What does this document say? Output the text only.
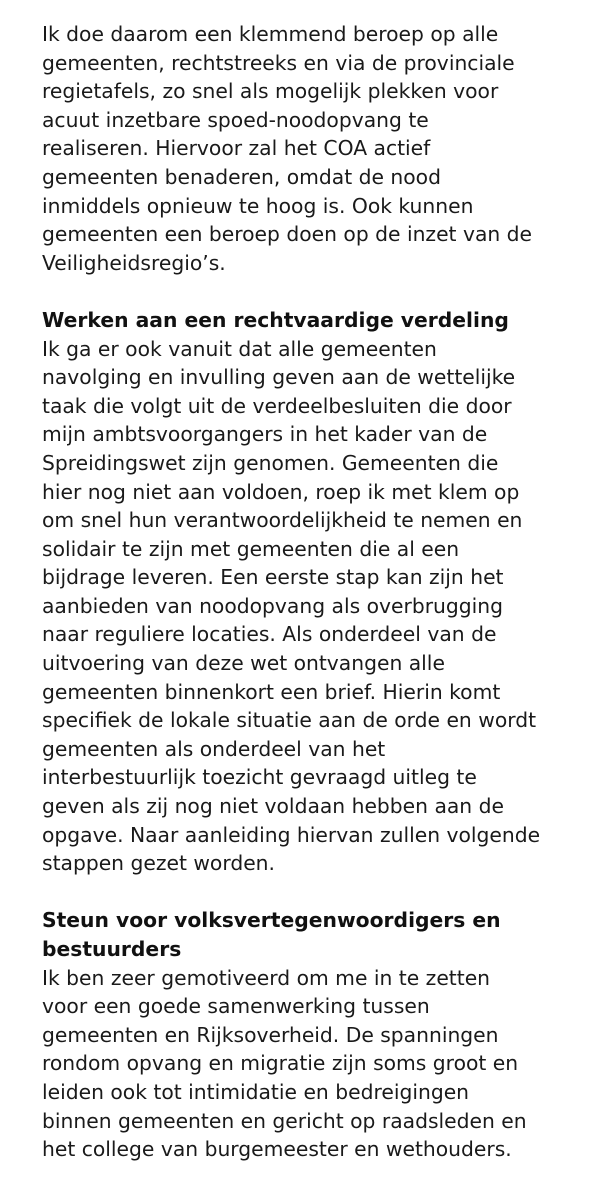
Ik doe daarom een klemmend beroep op alle
gemeenten, rechtstreeks en via de provinciale
regietafels, zo snel als mogelijk plekken voor
acuut inzetbare spoed-noodopvang te
realiseren. Hiervoor zal het COA actief
gemeenten benaderen, omdat de nood
inmiddels opnieuw te hoog is. Ook kunnen
gemeenten een beroep doen op de inzet van de
Veiligheidsregio’s.
Werken aan een rechtvaardige verdeling
Ik ga er ook vanuit dat alle gemeenten
navolging en invulling geven aan de wettelijke
taak die volgt uit de verdeelbesluiten die door
mijn ambtsvoorgangers in het kader van de
Spreidingswet zijn genomen. Gemeenten die
hier nog niet aan voldoen, roep ik met klem op
om snel hun verantwoordelijkheid te nemen en
solidair te zijn met gemeenten die al een
bijdrage leveren. Een eerste stap kan zijn het
aanbieden van noodopvang als overbrugging
naar reguliere locaties. Als onderdeel van de
uitvoering van deze wet ontvangen alle
gemeenten binnenkort een brief. Hierin komt
specifiek de lokale situatie aan de orde en wordt
gemeenten als onderdeel van het
interbestuurlijk toezicht gevraagd uitleg te
geven als zij nog niet voldaan hebben aan de
opgave. Naar aanleiding hiervan zullen volgende
stappen gezet worden.
Steun voor volksvertegenwoordigers en
bestuurders
Ik ben zeer gemotiveerd om me in te zetten
voor een goede samenwerking tussen
gemeenten en Rijksoverheid. De spanningen
rondom opvang en migratie zijn soms groot en
leiden ook tot intimidatie en bedreigingen
binnen gemeenten en gericht op raadsleden en
het college van burgemeester en wethouders.
